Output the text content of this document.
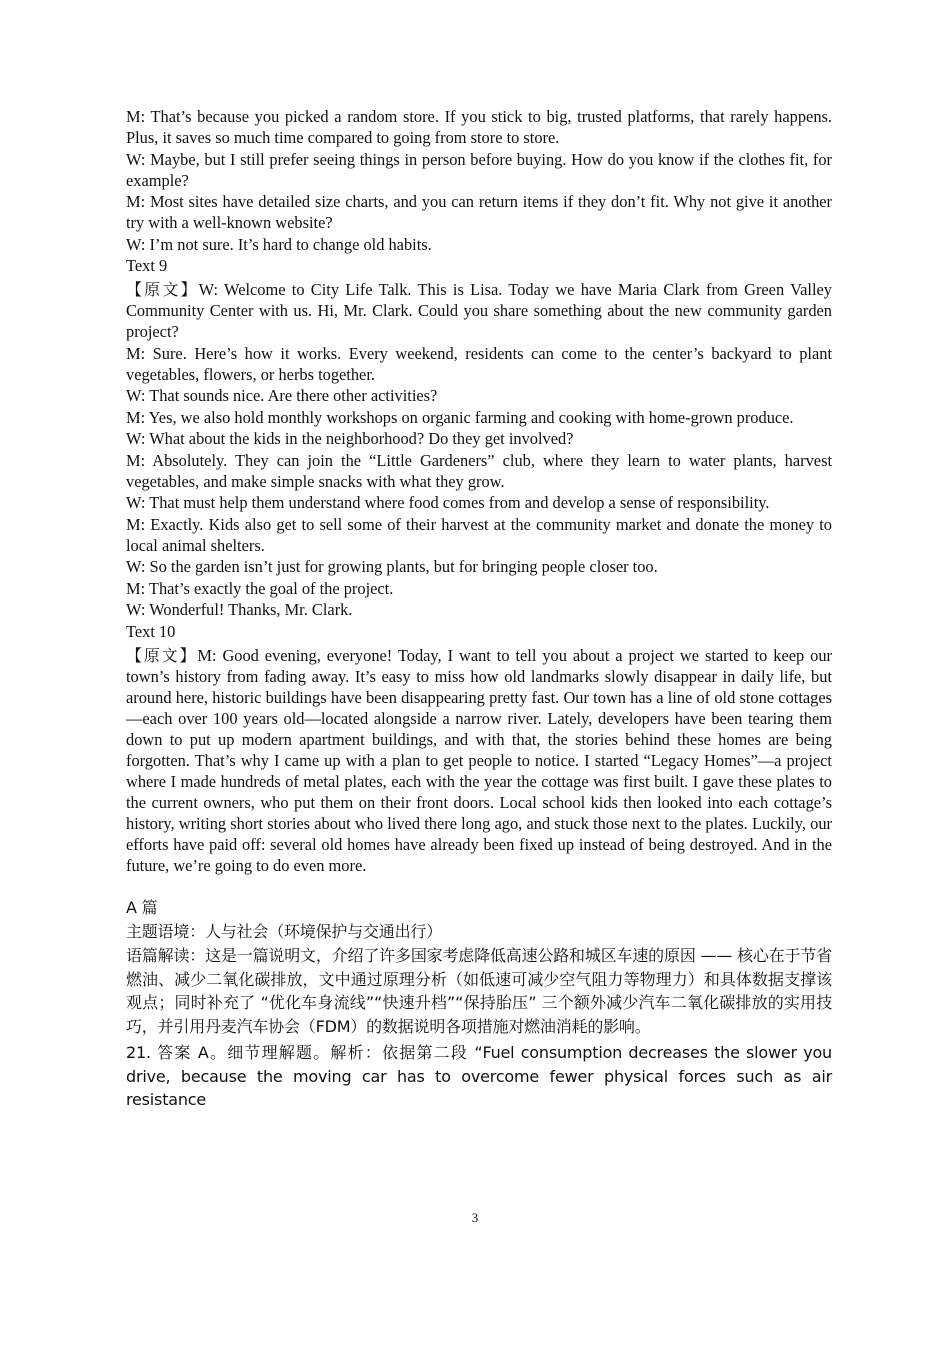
M: That’s because you picked a random store. If you stick to big, trusted platforms, that rarely happens. Plus, it saves so much time compared to going from store to store.
W: Maybe, but I still prefer seeing things in person before buying. How do you know if the clothes fit, for example?
M: Most sites have detailed size charts, and you can return items if they don’t fit. Why not give it another try with a well-known website?
W: I’m not sure. It’s hard to change old habits.
Text 9
【原文】W: Welcome to City Life Talk. This is Lisa. Today we have Maria Clark from Green Valley Community Center with us. Hi, Mr. Clark. Could you share something about the new community garden project?
M: Sure. Here’s how it works. Every weekend, residents can come to the center’s backyard to plant vegetables, flowers, or herbs together.
W: That sounds nice. Are there other activities?
M: Yes, we also hold monthly workshops on organic farming and cooking with home-grown produce.
W: What about the kids in the neighborhood? Do they get involved?
M: Absolutely. They can join the “Little Gardeners” club, where they learn to water plants, harvest vegetables, and make simple snacks with what they grow.
W: That must help them understand where food comes from and develop a sense of responsibility.
M: Exactly. Kids also get to sell some of their harvest at the community market and donate the money to local animal shelters.
W: So the garden isn’t just for growing plants, but for bringing people closer too.
M: That’s exactly the goal of the project.
W: Wonderful! Thanks, Mr. Clark.
Text 10
【原文】M: Good evening, everyone! Today, I want to tell you about a project we started to keep our town’s history from fading away. It’s easy to miss how old landmarks slowly disappear in daily life, but around here, historic buildings have been disappearing pretty fast. Our town has a line of old stone cottages—each over 100 years old—located alongside a narrow river. Lately, developers have been tearing them down to put up modern apartment buildings, and with that, the stories behind these homes are being forgotten. That’s why I came up with a plan to get people to notice. I started “Legacy Homes”—a project where I made hundreds of metal plates, each with the year the cottage was first built. I gave these plates to the current owners, who put them on their front doors. Local school kids then looked into each cottage’s history, writing short stories about who lived there long ago, and stuck those next to the plates. Luckily, our efforts have paid off: several old homes have already been fixed up instead of being destroyed. And in the future, we’re going to do even more.
A 篇
主题语境：人与社会（环境保护与交通出行）
语篇解读：这是一篇说明文，介绍了许多国家考虑降低高速公路和城区车速的原因 —— 核心在于节省燃油、减少二氧化碳排放，文中通过原理分析（如低速可减少空气阻力等物理力）和具体数据支撑该观点；同时补充了 “优化车身流线”“快速升档”“保持胎压” 三个额外减少汽车二氧化碳排放的实用技巧，并引用丹麦汽车协会（FDM）的数据说明各项措施对燃油消耗的影响。
21. 答案 A。细节理解题。解析：依据第二段 “Fuel consumption decreases the slower you drive, because the moving car has to overcome fewer physical forces such as air resistance
3
